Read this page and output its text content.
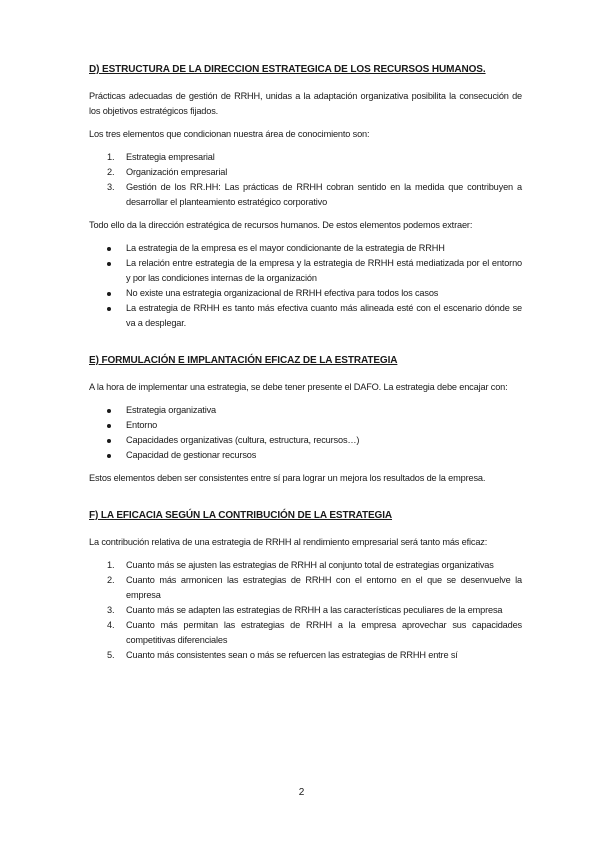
D) ESTRUCTURA DE LA DIRECCION ESTRATEGICA DE LOS RECURSOS HUMANOS.

Prácticas adecuadas de gestión de RRHH, unidas a la adaptación organizativa posibilita la consecución de los objetivos estratégicos fijados.

Los tres elementos que condicionan nuestra área de conocimiento son:

1. Estrategia empresarial
2. Organización empresarial
3. Gestión de los RR.HH: Las prácticas de RRHH cobran sentido en la medida que contribuyen a desarrollar el planteamiento estratégico corporativo

Todo ello da la dirección estratégica de recursos humanos. De estos elementos podemos extraer:

La estrategia de la empresa es el mayor condicionante de la estrategia de RRHH
La relación entre estrategia de la empresa y la estrategia de RRHH está mediatizada por el entorno y por las condiciones internas de la organización
No existe una estrategia organizacional de RRHH efectiva para todos los casos
La estrategia de RRHH es tanto más efectiva cuanto más alineada esté con el escenario dónde se va a desplegar.
E) FORMULACIÓN E IMPLANTACIÓN EFICAZ DE LA ESTRATEGIA

A la hora de implementar una estrategia, se debe tener presente el DAFO. La estrategia debe encajar con:

Estrategia organizativa
Entorno
Capacidades organizativas (cultura, estructura, recursos…)
Capacidad de gestionar recursos

Estos elementos deben ser consistentes entre sí para lograr un mejora los resultados de la empresa.

F) LA EFICACIA SEGÚN LA CONTRIBUCIÓN DE LA ESTRATEGIA

La contribución relativa de una estrategia de RRHH al rendimiento empresarial será tanto más eficaz:

1. Cuanto más se ajusten las estrategias de RRHH al conjunto total de estrategias organizativas
2. Cuanto más armonicen las estrategias de RRHH con el entorno en el que se desenvuelve la empresa
3. Cuanto más se adapten las estrategias de RRHH a las características peculiares de la empresa
4. Cuanto más permitan las estrategias de RRHH a la empresa aprovechar sus capacidades competitivas diferenciales
5. Cuanto más consistentes sean o más se refuercen las estrategias de RRHH entre sí
2
